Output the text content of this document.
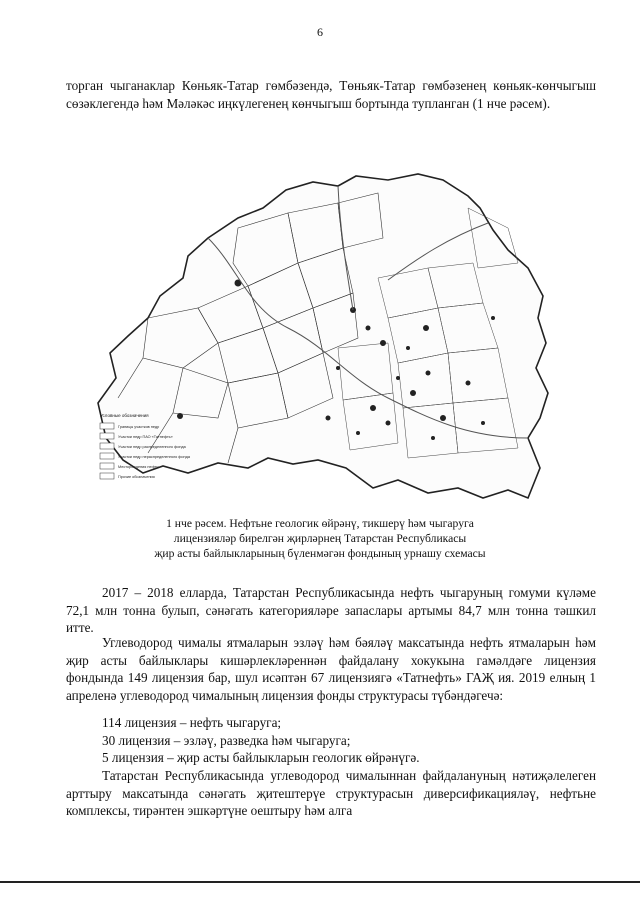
6
торган чыганаклар Көньяк-Татар гөмбәзендә, Төньяк-Татар гөмбәзенең көньяк-көнчыгыш сөзәклегендә һәм Мәләкәс иңкүлегенең көнчыгыш бортында тупланган (1 нче рәсем).
Условные обозначения
Границы участков недр
Участки недр ПАО «Татнефть»
Участки недр распределенного фонда
Участки недр нераспределенного фонда
Месторождения нефти
Прочие обозначения
1 нче рәсем. Нефтьне геологик өйрәнү, тикшерү һәм чыгаруга
лицензияләр бирелгән җирләрнең Татарстан Республикасы
җир асты байлыкларының бүленмәгән фондының урнашу схемасы
2017 – 2018 елларда, Татарстан Республикасында нефть чыгаруның гомуми күләме 72,1 млн тонна булып, сәнәгать категорияләре запаслары артымы 84,7 млн тонна тәшкил итте.
Углеводород чималы ятмаларын эзләү һәм бәяләү максатында нефть ятмаларын һәм җир асты байлыклары кишәрлекләреннән файдалану хокукына гамәлдәге лицензия фондында 149 лицензия бар, шул исәптән 67 лицензиягә «Татнефть» ГАҖ ия. 2019 елның 1 апреленә углеводород чималының лицензия фонды структурасы түбәндәгечә:
114 лицензия – нефть чыгаруга;
30 лицензия – эзләү, разведка һәм чыгаруга;
5 лицензия – җир асты байлыкларын геологик өйрәнүгә.
Татарстан Республикасында углеводород чималыннан файдалануның нәтиҗәлелеген арттыру максатында сәнәгать җитештерүе структурасын диверсификацияләү, нефтьне комплексы, тирәнтен эшкәртүне оештыру һәм алга
